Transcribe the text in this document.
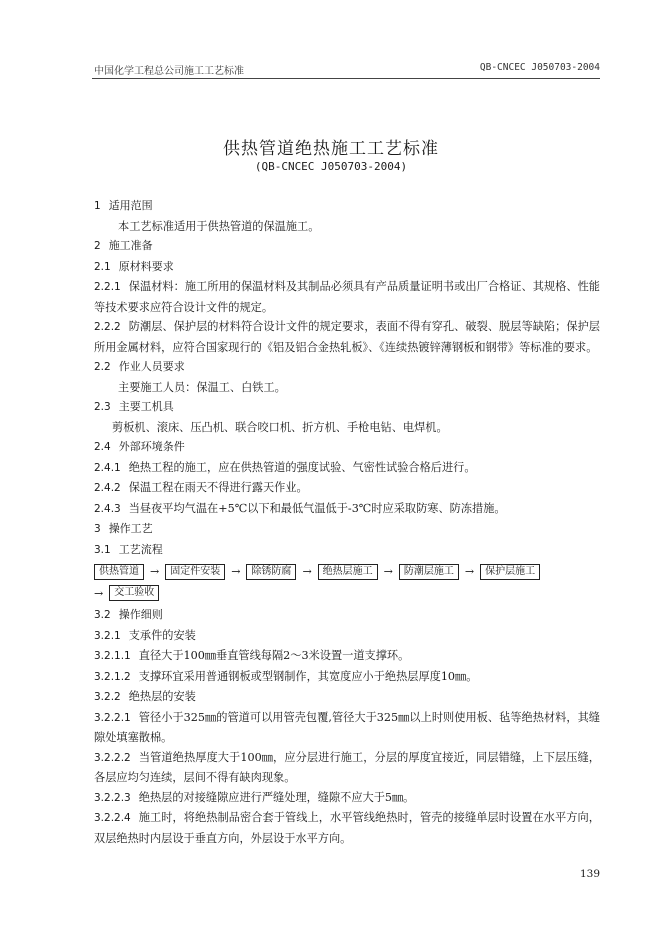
中国化学工程总公司施工工艺标准	QB-CNCEC J050703-2004
供热管道绝热施工工艺标准
(QB-CNCEC J050703-2004)

1 适用范围

本工艺标准适用于供热管道的保温施工。

2 施工准备

2.1 原材料要求

2.2.1 保温材料：施工所用的保温材料及其制品必须具有产品质量证明书或出厂合格证、其规格、性能等技术要求应符合设计文件的规定。

2.2.2 防潮层、保护层的材料符合设计文件的规定要求，表面不得有穿孔、破裂、脱层等缺陷；保护层所用金属材料，应符合国家现行的《铝及铝合金热轧板》、《连续热镀锌薄钢板和钢带》等标准的要求。

2.2 作业人员要求

主要施工人员：保温工、白铁工。

2.3 主要工机具

剪板机、滚床、压凸机、联合咬口机、折方机、手枪电钻、电焊机。

2.4 外部环境条件

2.4.1 绝热工程的施工，应在供热管道的强度试验、气密性试验合格后进行。

2.4.2 保温工程在雨天不得进行露天作业。

2.4.3 当昼夜平均气温在+5℃以下和最低气温低于-3℃时应采取防寒、防冻措施。

3 操作工艺

3.1 工艺流程

供热管道	→	固定件安装	→	除锈防腐	→	绝热层施工	→	防潮层施工	→	保护层施工
→	交工验收

3.2 操作细则

3.2.1 支承件的安装

3.2.1.1 直径大于100㎜垂直管线每隔2～3米设置一道支撑环。

3.2.1.2 支撑环宜采用普通钢板或型钢制作，其宽度应小于绝热层厚度10㎜。

3.2.2 绝热层的安装

3.2.2.1 管径小于325㎜的管道可以用管壳包覆,管径大于325㎜以上时则使用板、毡等绝热材料，其缝隙处填塞散棉。

3.2.2.2 当管道绝热厚度大于100㎜，应分层进行施工，分层的厚度宜接近，同层错缝，上下层压缝，各层应均匀连续，层间不得有缺肉现象。

3.2.2.3 绝热层的对接缝隙应进行严缝处理，缝隙不应大于5㎜。

3.2.2.4 施工时，将绝热制品密合套于管线上，水平管线绝热时，管壳的接缝单层时设置在水平方向，双层绝热时内层设于垂直方向，外层设于水平方向。

139
